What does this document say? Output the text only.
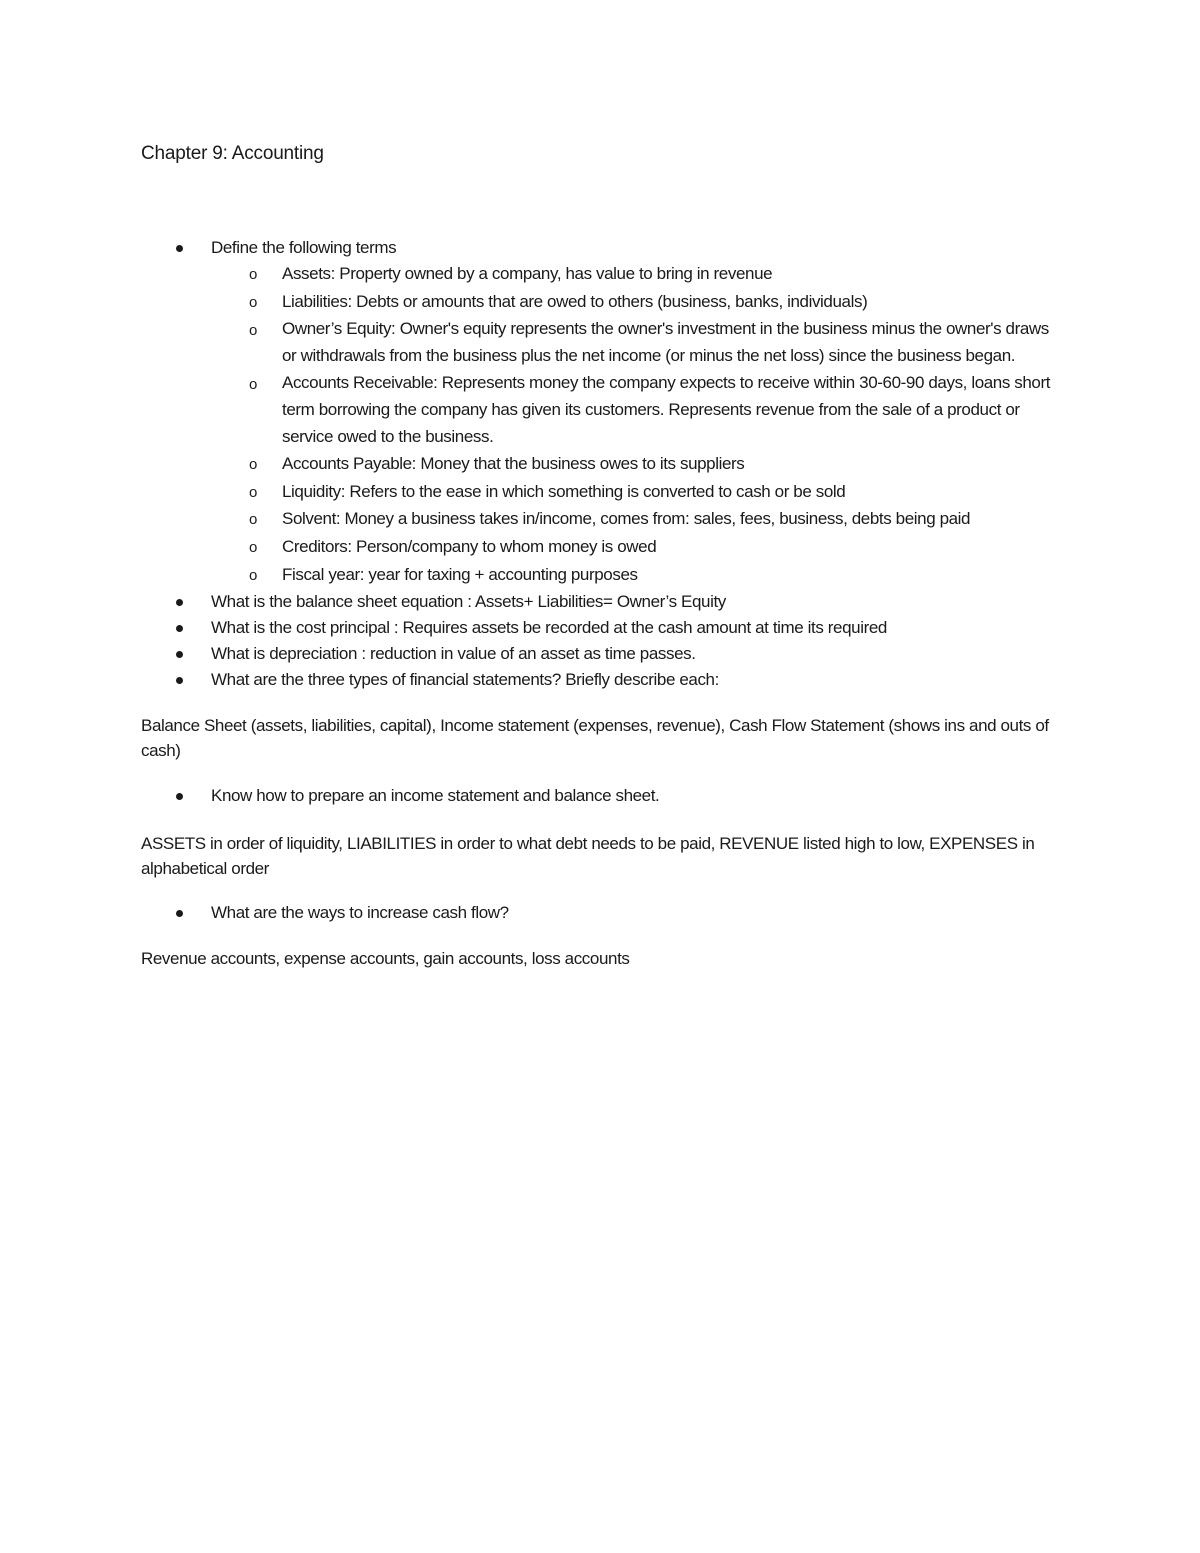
Chapter 9: Accounting

Define the following terms

o Assets: Property owned by a company, has value to bring in revenue

o Liabilities: Debts or amounts that are owed to others (business, banks, individuals)

o Owner’s Equity: Owner's equity represents the owner's investment in the business minus the owner's draws or withdrawals from the business plus the net income (or minus the net loss) since the business began.

o Accounts Receivable: Represents money the company expects to receive within 30-60-90 days, loans short term borrowing the company has given its customers. Represents revenue from the sale of a product or service owed to the business.

o Accounts Payable: Money that the business owes to its suppliers

o Liquidity: Refers to the ease in which something is converted to cash or be sold

o Solvent: Money a business takes in/income, comes from: sales, fees, business, debts being paid

o Creditors: Person/company to whom money is owed

o Fiscal year: year for taxing + accounting purposes

What is the balance sheet equation : Assets+ Liabilities= Owner’s Equity

What is the cost principal : Requires assets be recorded at the cash amount at time its required

What is depreciation : reduction in value of an asset as time passes.

What are the three types of financial statements? Briefly describe each:

Balance Sheet (assets, liabilities, capital), Income statement (expenses, revenue), Cash Flow Statement (shows ins and outs of cash)

Know how to prepare an income statement and balance sheet.

ASSETS in order of liquidity, LIABILITIES in order to what debt needs to be paid, REVENUE listed high to low, EXPENSES in alphabetical order

What are the ways to increase cash flow?

Revenue accounts, expense accounts, gain accounts, loss accounts
